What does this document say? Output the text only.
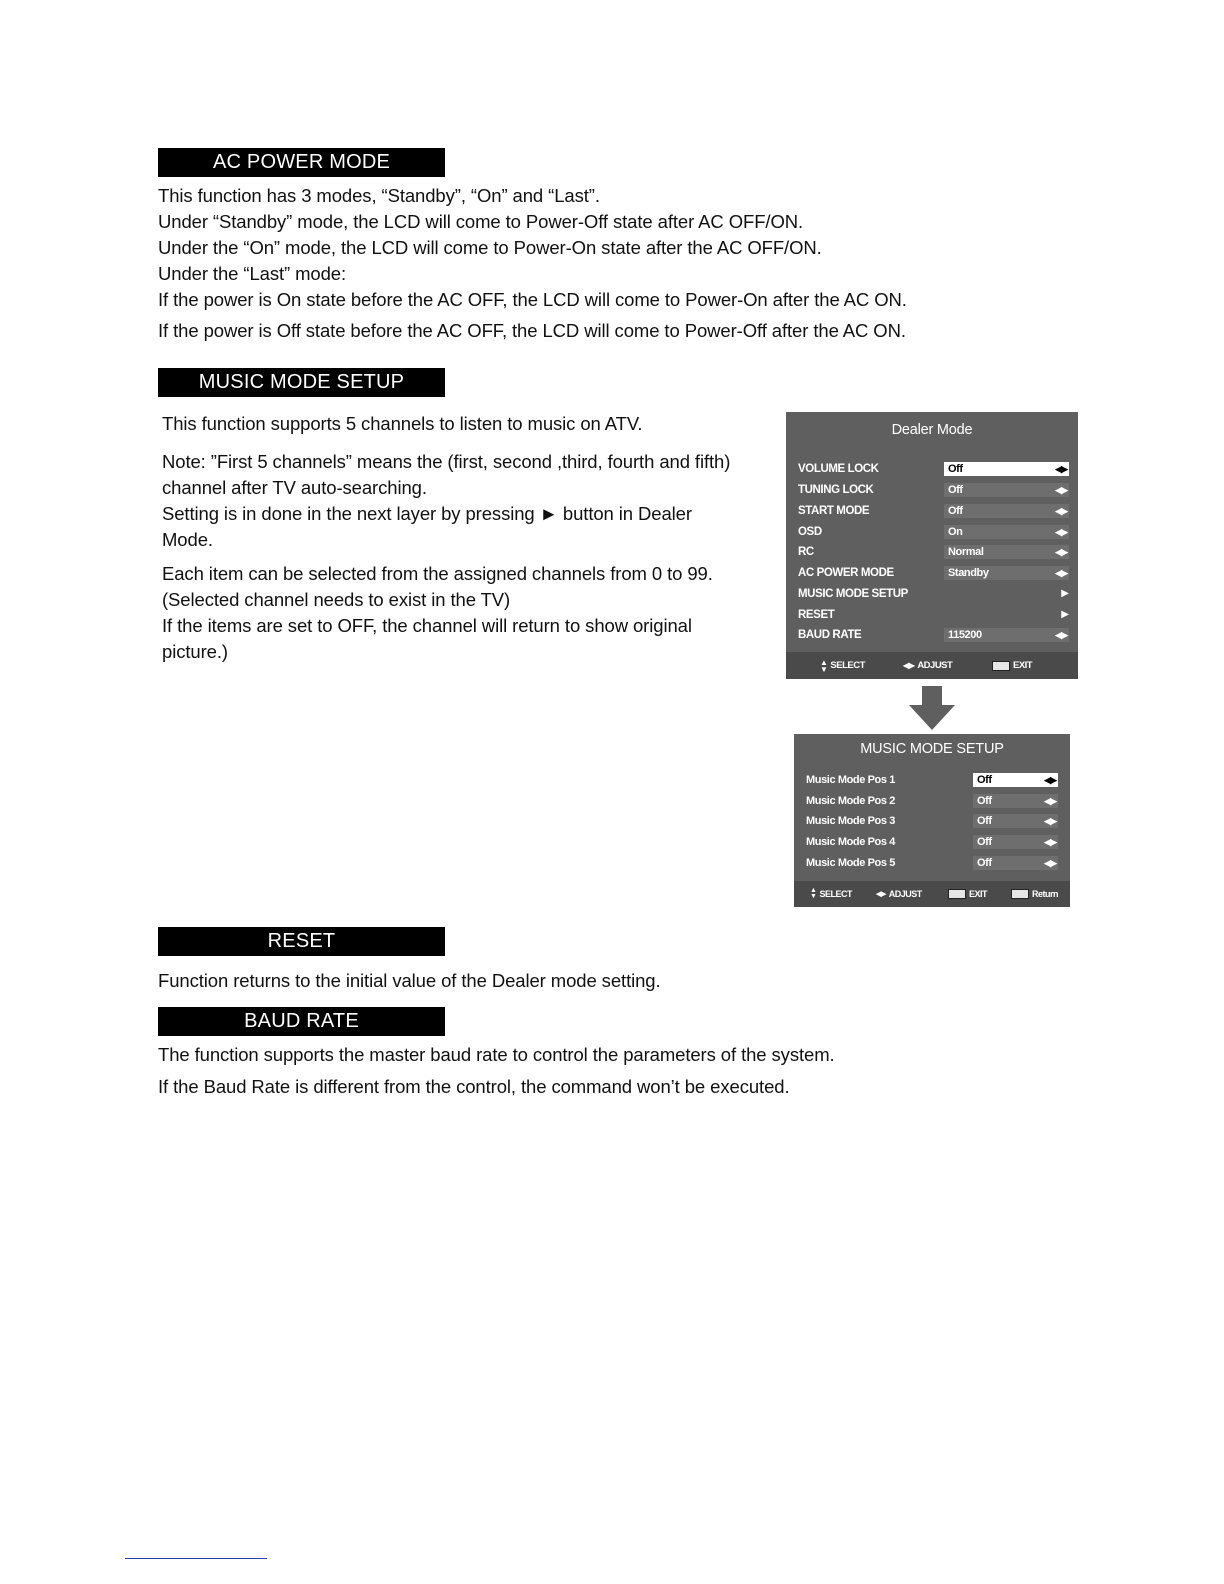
AC POWER MODE
This function has 3 modes, “Standby”, “On” and “Last”.
Under “Standby” mode, the LCD will come to Power-Off state after AC OFF/ON.
Under the “On” mode, the LCD will come to Power-On state after the AC OFF/ON.
Under the “Last” mode:
If the power is On state before the AC OFF, the LCD will come to Power-On after the AC ON.
If the power is Off state before the AC OFF, the LCD will come to Power-Off after the AC ON.
MUSIC MODE SETUP
This function supports 5 channels to listen to music on ATV.
Note: ”First 5 channels” means the (first, second ,third, fourth and fifth)
channel after TV auto-searching.
Setting is in done in the next layer by pressing ► button in Dealer
Mode.
Each item can be selected from the assigned channels from 0 to 99.
(Selected channel needs to exist in the TV)
If the items are set to OFF, the channel will return to show original
picture.)
Dealer Mode
VOLUME LOCK	Off	◀▶
TUNING LOCK	Off	◀▶
START MODE	Off	◀▶
OSD	On	◀▶
RC	Normal	◀▶
AC POWER MODE	Standby	◀▶
MUSIC MODE SETUP	▶
RESET	▶
BAUD RATE	115200	◀▶
▲
▼ SELECT	◀▶ ADJUST	EXIT
MUSIC MODE SETUP
Music Mode Pos 1	Off	◀▶
Music Mode Pos 2	Off	◀▶
Music Mode Pos 3	Off	◀▶
Music Mode Pos 4	Off	◀▶
Music Mode Pos 5	Off	◀▶
▲
▼ SELECT	◀▶ ADJUST	EXIT	Return
RESET
Function returns to the initial value of the Dealer mode setting.
BAUD RATE
The function supports the master baud rate to control the parameters of the system.
If the Baud Rate is different from the control, the command won’t be executed.
